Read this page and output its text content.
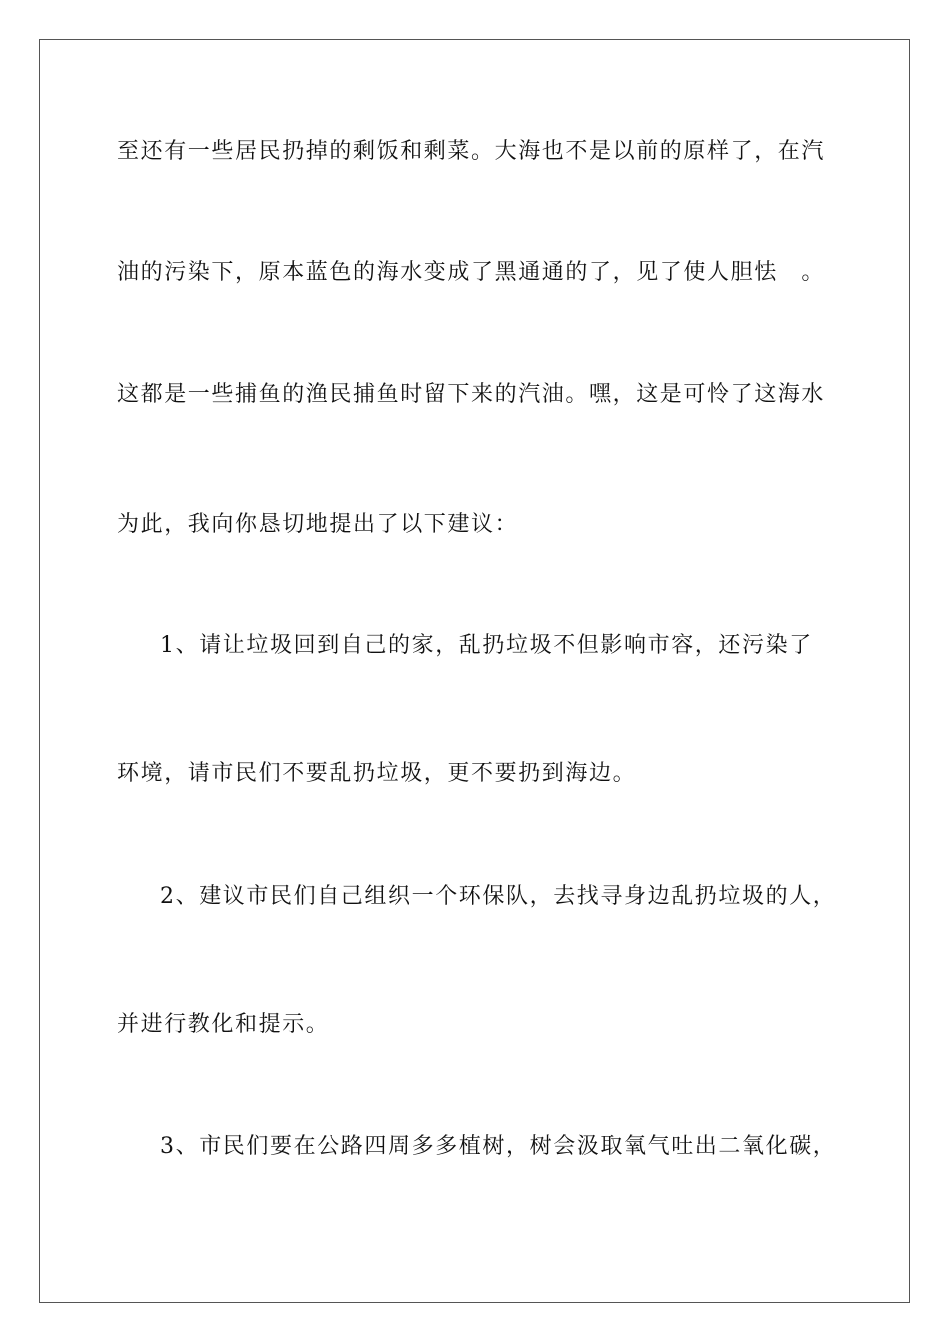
至还有一些居民扔掉的剩饭和剩菜。大海也不是以前的原样了，在汽
油的污染下，原本蓝色的海水变成了黑通通的了，见了使人胆怯　。
这都是一些捕鱼的渔民捕鱼时留下来的汽油。嘿，这是可怜了这海水
为此，我向你恳切地提出了以下建议：
1、请让垃圾回到自己的家，乱扔垃圾不但影响市容，还污染了
环境，请市民们不要乱扔垃圾，更不要扔到海边。
2、建议市民们自己组织一个环保队，去找寻身边乱扔垃圾的人，
并进行教化和提示。
3、市民们要在公路四周多多植树，树会汲取氧气吐出二氧化碳，
